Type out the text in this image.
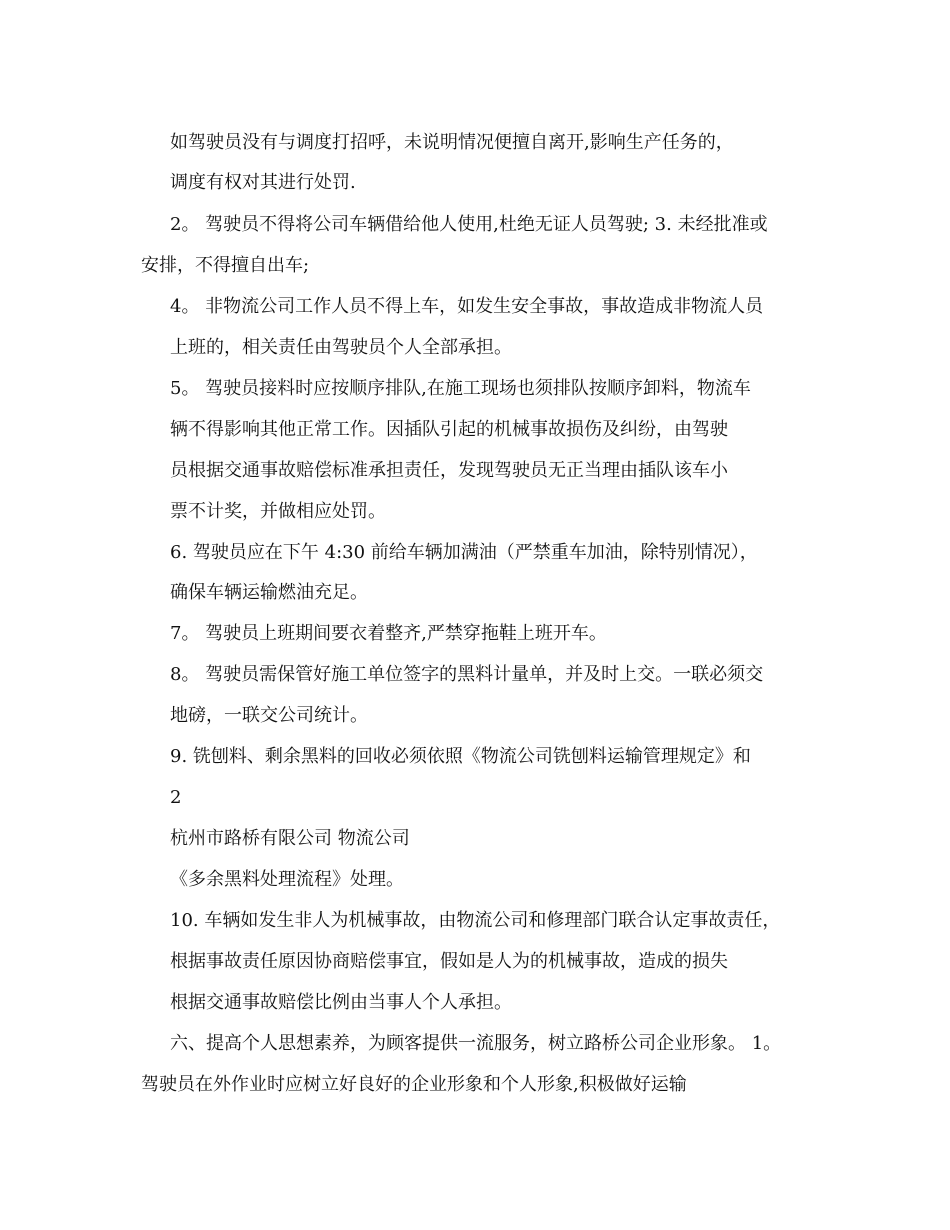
如驾驶员没有与调度打招呼，未说明情况便擅自离开,影响生产任务的，
调度有权对其进行处罚.
2。 驾驶员不得将公司车辆借给他人使用,杜绝无证人员驾驶; 3. 未经批准或
安排，不得擅自出车;
4。 非物流公司工作人员不得上车，如发生安全事故，事故造成非物流人员
上班的，相关责任由驾驶员个人全部承担。
5。 驾驶员接料时应按顺序排队,在施工现场也须排队按顺序卸料，物流车
辆不得影响其他正常工作。因插队引起的机械事故损伤及纠纷，由驾驶
员根据交通事故赔偿标准承担责任，发现驾驶员无正当理由插队该车小
票不计奖，并做相应处罚。
6. 驾驶员应在下午 4:30 前给车辆加满油（严禁重车加油，除特别情况），
确保车辆运输燃油充足。
7。 驾驶员上班期间要衣着整齐,严禁穿拖鞋上班开车。
8。 驾驶员需保管好施工单位签字的黑料计量单，并及时上交。一联必须交
地磅，一联交公司统计。
9. 铣刨料、剩余黑料的回收必须依照《物流公司铣刨料运输管理规定》和
2
杭州市路桥有限公司 物流公司
《多余黑料处理流程》处理。
10. 车辆如发生非人为机械事故，由物流公司和修理部门联合认定事故责任，
根据事故责任原因协商赔偿事宜，假如是人为的机械事故，造成的损失
根据交通事故赔偿比例由当事人个人承担。
六、提高个人思想素养，为顾客提供一流服务，树立路桥公司企业形象。 1。
驾驶员在外作业时应树立好良好的企业形象和个人形象,积极做好运输
